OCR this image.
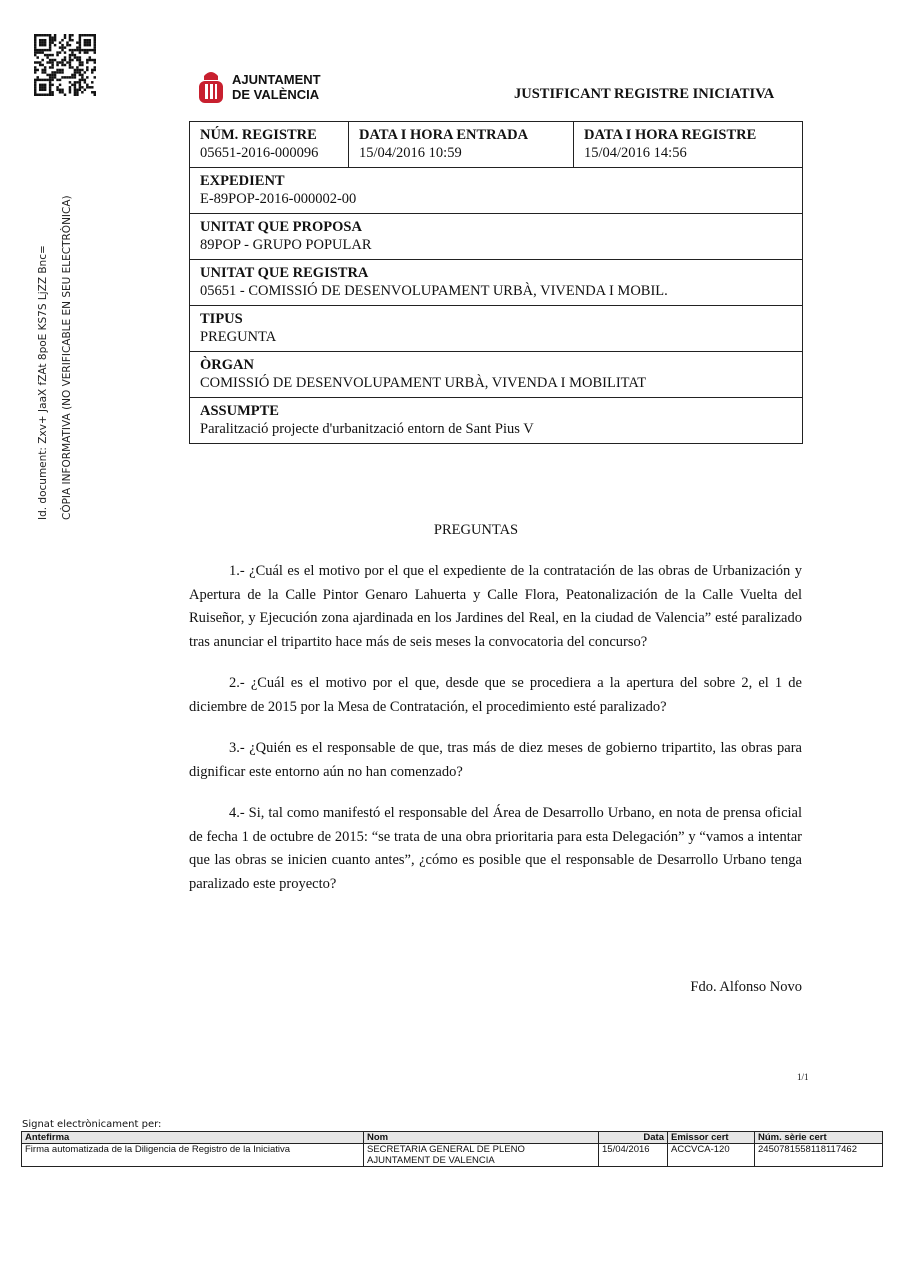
AJUNTAMENT
DE VALÈNCIA	JUSTIFICANT REGISTRE INICIATIVA
Id. document: Zxv+ JaaX fZAt 8poE KS7S LjZZ Bnc= CÒPIA INFORMATIVA (NO VERIFICABLE EN SEU ELECTRÒNICA)
NÚM. REGISTRE
05651-2016-000096	
DATA I HORA ENTRADA
15/04/2016 10:59	
DATA I HORA REGISTRE
15/04/2016 14:56

EXPEDIENT
E-89POP-2016-000002-00

UNITAT QUE PROPOSA
89POP - GRUPO POPULAR

UNITAT QUE REGISTRA
05651 - COMISSIÓ DE DESENVOLUPAMENT URBÀ, VIVENDA I MOBIL.

TIPUS
PREGUNTA

ÒRGAN
COMISSIÓ DE DESENVOLUPAMENT URBÀ, VIVENDA I MOBILITAT

ASSUMPTE
Paralització projecte d'urbanització entorn de Sant Pius V
PREGUNTAS

1.- ¿Cuál es el motivo por el que el expediente de la contratación de las obras de Urbanización y Apertura de la Calle Pintor Genaro Lahuerta y Calle Flora, Peatonalización de la Calle Vuelta del Ruiseñor, y Ejecución zona ajardinada en los Jardines del Real, en la ciudad de Valencia” esté paralizado tras anunciar el tripartito hace más de seis meses la convocatoria del concurso?

2.- ¿Cuál es el motivo por el que, desde que se procediera a la apertura del sobre 2, el 1 de diciembre de 2015 por la Mesa de Contratación, el procedimiento esté paralizado?

3.- ¿Quién es el responsable de que, tras más de diez meses de gobierno tripartito, las obras para dignificar este entorno aún no han comenzado?

4.- Si, tal como manifestó el responsable del Área de Desarrollo Urbano, en nota de prensa oficial de fecha 1 de octubre de 2015: “se trata de una obra prioritaria para esta Delegación” y “vamos a intentar que las obras se inicien cuanto antes”, ¿cómo es posible que el responsable de Desarrollo Urbano tenga paralizado este proyecto?

Fdo. Alfonso Novo
1/1
Signat electrònicament per:
Antefirma	Nom	Data	Emissor cert	Núm. sèrie cert
Firma automatizada de la Diligencia de Registro de la Iniciativa	SECRETARIA GENERAL DE PLENO
AJUNTAMENT DE VALENCIA	15/04/2016	ACCVCA-120	2450781558118117462
